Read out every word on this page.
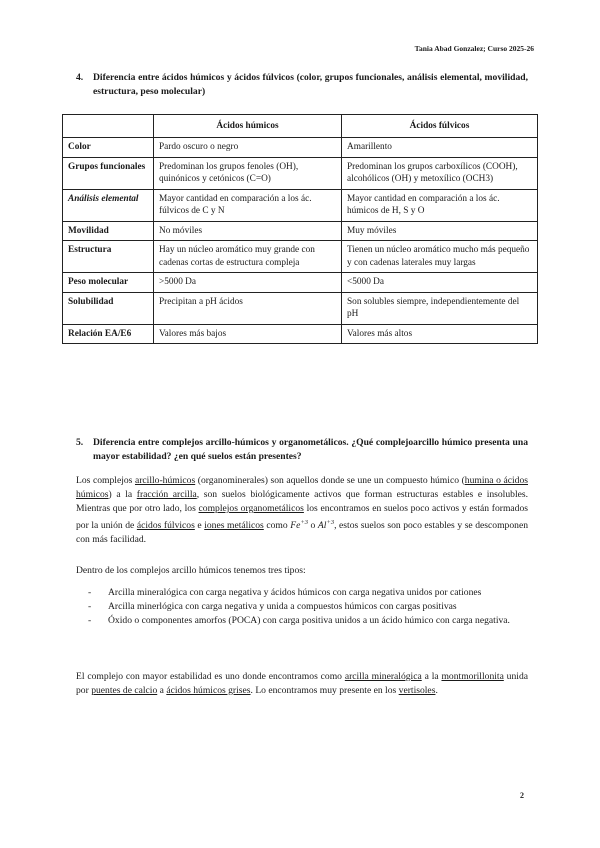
Tania Abad Gonzalez; Curso 2025-26
4. Diferencia entre ácidos húmicos y ácidos fúlvicos (color, grupos funcionales, análisis elemental, movilidad, estructura, peso molecular)
	Ácidos húmicos	Ácidos fúlvicos
Color	Pardo oscuro o negro	Amarillento
Grupos funcionales	Predominan los grupos fenoles (OH), quinónicos y cetónicos (C=O)	Predominan los grupos carboxílicos (COOH), alcohólicos (OH) y metoxílico (OCH3)
Análisis elemental	Mayor cantidad en comparación a los ác. fúlvicos de C y N	Mayor cantidad en comparación a los ác. húmicos de H, S y O
Movilidad	No móviles	Muy móviles
Estructura	Hay un núcleo aromático muy grande con cadenas cortas de estructura compleja	Tienen un núcleo aromático mucho más pequeño y con cadenas laterales muy largas
Peso molecular	>5000 Da	<5000 Da
Solubilidad	Precipitan a pH ácidos	Son solubles siempre, independientemente del pH
Relación EA/E6	Valores más bajos	Valores más altos
5. Diferencia entre complejos arcillo-húmicos y organometálicos. ¿Qué complejoarcillo húmico presenta una mayor estabilidad? ¿en qué suelos están presentes?
Los complejos arcillo-húmicos (organominerales) son aquellos donde se une un compuesto húmico (humina o ácidos húmicos) a la fracción arcilla, son suelos biológicamente activos que forman estructuras estables e insolubles. Mientras que por otro lado, los complejos organometálicos los encontramos en suelos poco activos y están formados por la unión de ácidos fúlvicos e iones metálicos como $Fe^{+3}$ o $Al^{+3}$, estos suelos son poco estables y se descomponen con más facilidad.
Dentro de los complejos arcillo húmicos tenemos tres tipos:
- Arcilla mineralógica con carga negativa y ácidos húmicos con carga negativa unidos por cationes
- Arcilla minerlógica con carga negativa y unida a compuestos húmicos con cargas positivas
- Óxido o componentes amorfos (POCA) con carga positiva unidos a un ácido húmico con carga negativa.
El complejo con mayor estabilidad es uno donde encontramos como arcilla mineralógica a la montmorillonita unida por puentes de calcio a ácidos húmicos grises. Lo encontramos muy presente en los vertisoles.
2
